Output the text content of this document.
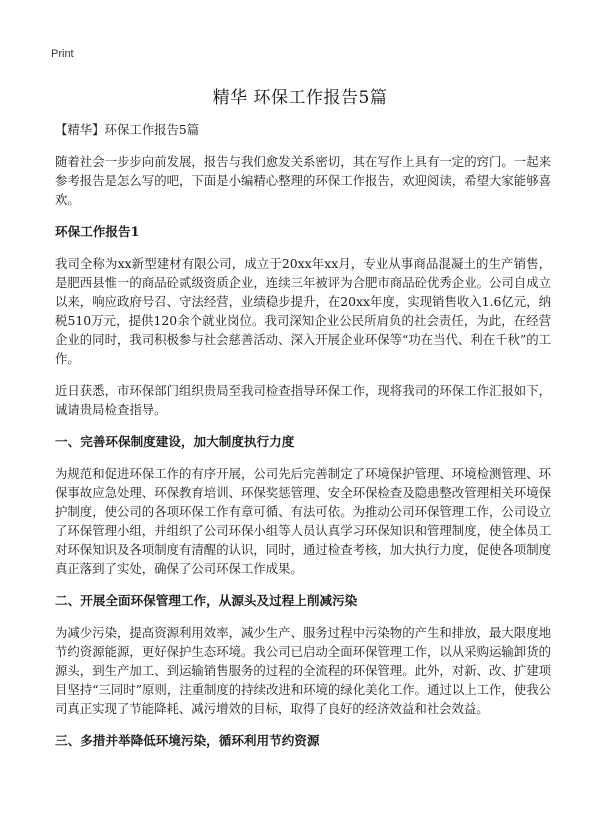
Print
精华 环保工作报告5篇

【精华】环保工作报告5篇

随着社会一步步向前发展，报告与我们愈发关系密切，其在写作上具有一定的窍门。一起来参考报告是怎么写的吧，下面是小编精心整理的环保工作报告，欢迎阅读，希望大家能够喜欢。

环保工作报告1

我司全称为xx新型建材有限公司，成立于20xx年xx月，专业从事商品混凝土的生产销售，是肥西县惟一的商品砼贰级资质企业，连续三年被评为合肥市商品砼优秀企业。公司自成立以来，响应政府号召、守法经营，业绩稳步提升，在20xx年度，实现销售收入1.6亿元，纳税510万元，提供120余个就业岗位。我司深知企业公民所肩负的社会责任，为此，在经营企业的同时，我司积极参与社会慈善活动、深入开展企业环保等“功在当代、利在千秋”的工作。

近日获悉，市环保部门组织贵局至我司检查指导环保工作，现将我司的环保工作汇报如下，诚请贵局检查指导。

一、完善环保制度建设，加大制度执行力度

为规范和促进环保工作的有序开展，公司先后完善制定了环境保护管理、环境检测管理、环保事故应急处理、环保教育培训、环保奖惩管理、安全环保检查及隐患整改管理相关环境保护制度，使公司的各项环保工作有章可循、有法可依。为推动公司环保管理工作，公司设立了环保管理小组，并组织了公司环保小组等人员认真学习环保知识和管理制度，使全体员工对环保知识及各项制度有清醒的认识，同时，通过检查考核，加大执行力度，促使各项制度真正落到了实处，确保了公司环保工作成果。

二、开展全面环保管理工作，从源头及过程上削减污染

为减少污染，提高资源利用效率，减少生产、服务过程中污染物的产生和排放，最大限度地节约资源能源，更好保护生态环境。我公司已启动全面环保管理工作，以从采购运输卸货的源头，到生产加工、到运输销售服务的过程的全流程的环保管理。此外，对新、改、扩建项目坚持“三同时”原则，注重制度的持续改进和环境的绿化美化工作。通过以上工作，使我公司真正实现了节能降耗、减污增效的目标，取得了良好的经济效益和社会效益。

三、多措并举降低环境污染，循环利用节约资源
